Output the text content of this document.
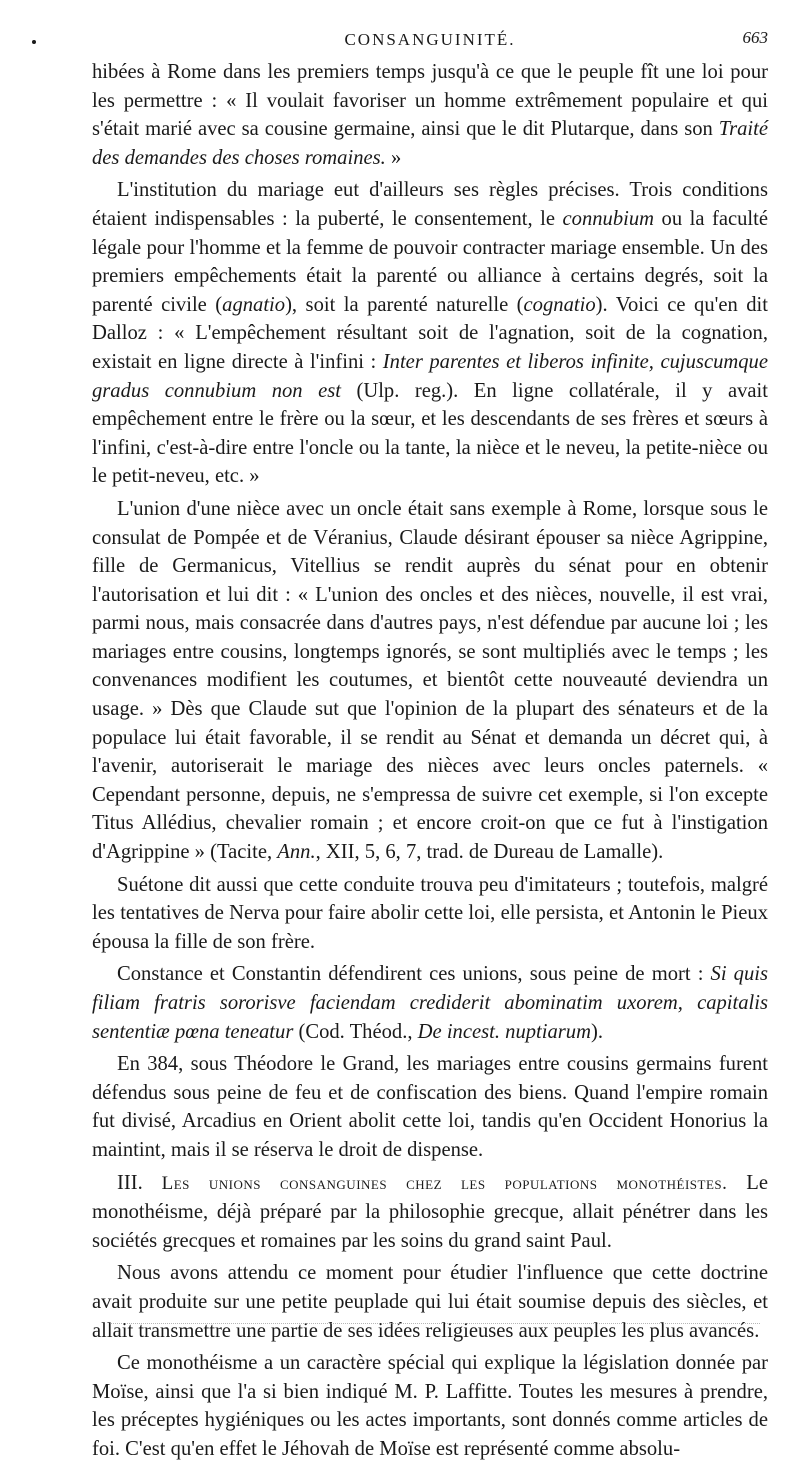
CONSANGUINITÉ.	663

hibées à Rome dans les premiers temps jusqu'à ce que le peuple fît une loi pour les permettre : « Il voulait favoriser un homme extrêmement populaire et qui s'était marié avec sa cousine germaine, ainsi que le dit Plutarque, dans son Traité des demandes des choses romaines. »

L'institution du mariage eut d'ailleurs ses règles précises. Trois conditions étaient indispensables : la puberté, le consentement, le connubium ou la faculté légale pour l'homme et la femme de pouvoir contracter mariage ensemble. Un des premiers empêchements était la parenté ou alliance à certains degrés, soit la parenté civile (agnatio), soit la parenté naturelle (cognatio). Voici ce qu'en dit Dalloz : « L'empêchement résultant soit de l'agnation, soit de la cognation, existait en ligne directe à l'infini : Inter parentes et liberos infinite, cujuscumque gradus connubium non est (Ulp. reg.). En ligne collatérale, il y avait empêchement entre le frère ou la sœur, et les descendants de ses frères et sœurs à l'infini, c'est-à-dire entre l'oncle ou la tante, la nièce et le neveu, la petite-nièce ou le petit-neveu, etc. »

L'union d'une nièce avec un oncle était sans exemple à Rome, lorsque sous le consulat de Pompée et de Véranius, Claude désirant épouser sa nièce Agrippine, fille de Germanicus, Vitellius se rendit auprès du sénat pour en obtenir l'autorisation et lui dit : « L'union des oncles et des nièces, nouvelle, il est vrai, parmi nous, mais consacrée dans d'autres pays, n'est défendue par aucune loi ; les mariages entre cousins, longtemps ignorés, se sont multipliés avec le temps ; les convenances modifient les coutumes, et bientôt cette nouveauté deviendra un usage. » Dès que Claude sut que l'opinion de la plupart des sénateurs et de la populace lui était favorable, il se rendit au Sénat et demanda un décret qui, à l'avenir, autoriserait le mariage des nièces avec leurs oncles paternels. « Cependant personne, depuis, ne s'empressa de suivre cet exemple, si l'on excepte Titus Allédius, chevalier romain ; et encore croit-on que ce fut à l'instigation d'Agrippine » (Tacite, Ann., XII, 5, 6, 7, trad. de Dureau de Lamalle).

Suétone dit aussi que cette conduite trouva peu d'imitateurs ; toutefois, malgré les tentatives de Nerva pour faire abolir cette loi, elle persista, et Antonin le Pieux épousa la fille de son frère.

Constance et Constantin défendirent ces unions, sous peine de mort : Si quis filiam fratris sororisve faciendam crediderit abominatim uxorem, capitalis sententiæ pœna teneatur (Cod. Théod., De incest. nuptiarum).

En 384, sous Théodore le Grand, les mariages entre cousins germains furent défendus sous peine de feu et de confiscation des biens. Quand l'empire romain fut divisé, Arcadius en Orient abolit cette loi, tandis qu'en Occident Honorius la maintint, mais il se réserva le droit de dispense.

III. Les unions consanguines chez les populations monothéistes. Le monothéisme, déjà préparé par la philosophie grecque, allait pénétrer dans les sociétés grecques et romaines par les soins du grand saint Paul.

Nous avons attendu ce moment pour étudier l'influence que cette doctrine avait produite sur une petite peuplade qui lui était soumise depuis des siècles, et allait transmettre une partie de ses idées religieuses aux peuples les plus avancés.

Ce monothéisme a un caractère spécial qui explique la législation donnée par Moïse, ainsi que l'a si bien indiqué M. P. Laffitte. Toutes les mesures à prendre, les préceptes hygiéniques ou les actes importants, sont donnés comme articles de foi. C'est qu'en effet le Jéhovah de Moïse est représenté comme absolu-
